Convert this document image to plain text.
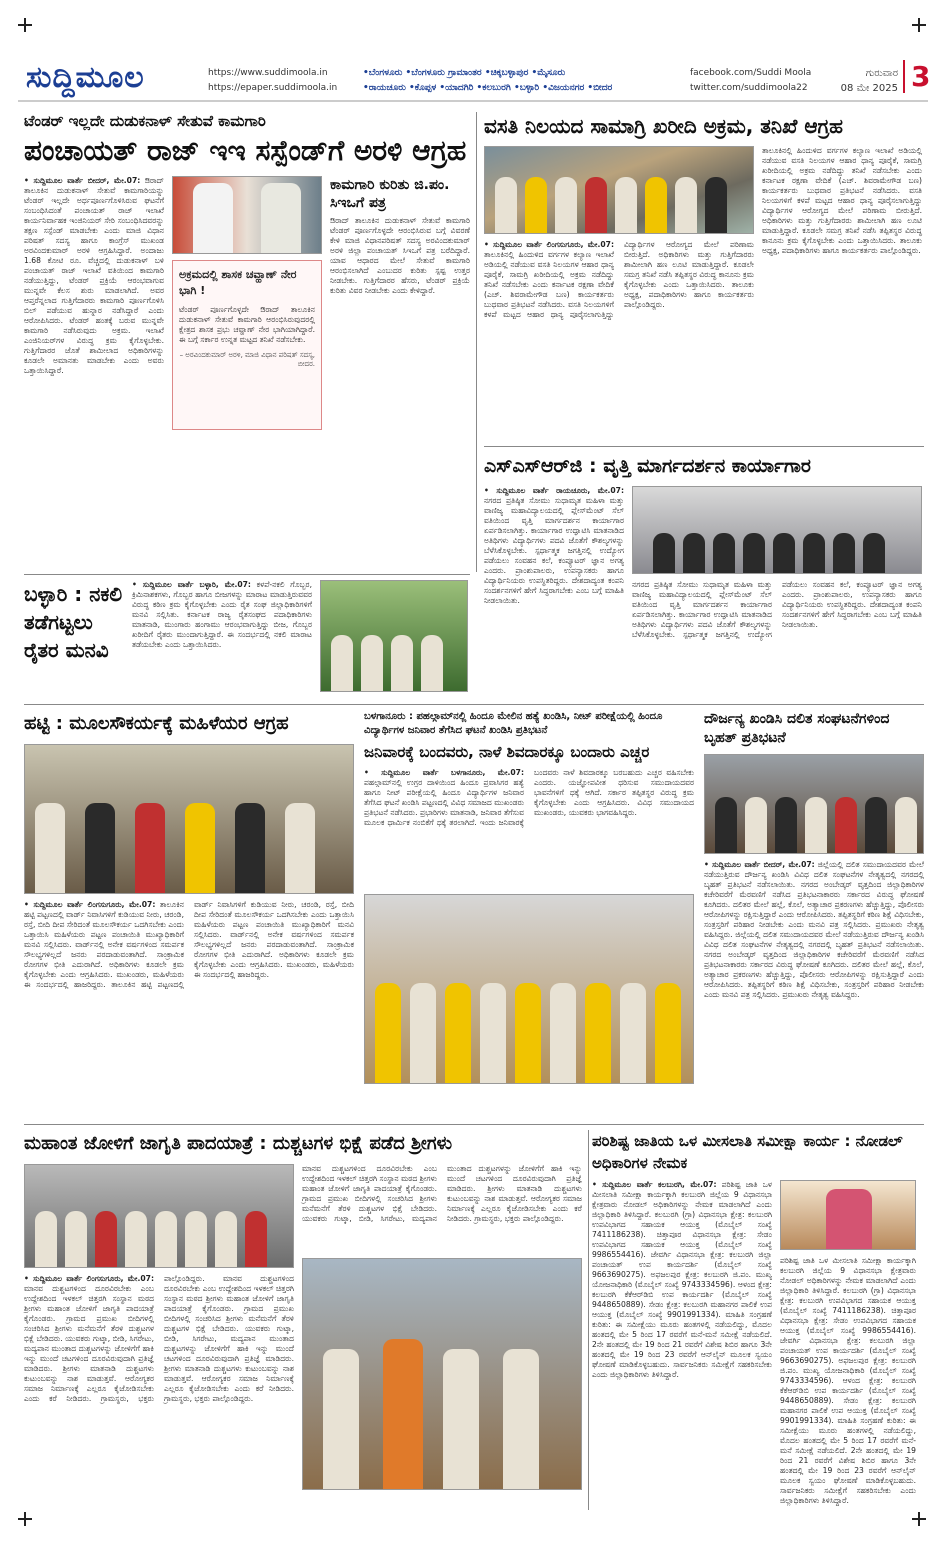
ಸುದ್ದಿಮೂಲ	https://www.suddimoola.in
https://epaper.suddimoola.in
•ಬೆಂಗಳೂರು •ಬೆಂಗಳೂರು ಗ್ರಾಮಾಂತರ •ಚಿಕ್ಕಬಳ್ಳಾಪುರ •ಮೈಸೂರು
•ರಾಯಚೂರು •ಕೊಪ್ಪಳ •ಯಾದಗಿರಿ •ಕಲಬುರಗಿ •ಬಳ್ಳಾರಿ •ವಿಜಯನಗರ •ಬೀದರ
facebook.com/Suddi Moola
twitter.com/suddimoola22
ಗುರುವಾರ
08 ಮೇ 2025 3
ಟೆಂಡರ್ ಇಲ್ಲದೇ ದುಡುಕನಾಳ್ ಸೇತುವೆ ಕಾಮಗಾರಿ
ಪಂಚಾಯತ್ ರಾಜ್ ಇಇ ಸಸ್ಪೆಂಡ್‌ಗೆ ಅರಳಿ ಆಗ್ರಹ
• ಸುದ್ದಿಮೂಲ ವಾರ್ತೆ ಬೀದರ್, ಮೇ.07: ಔರಾದ್ ತಾಲೂಕಿನ ದುಡುಕನಾಳ್ ಸೇತುವೆ ಕಾಮಗಾರಿಯನ್ನು ಟೆಂಡರ್ ಇಲ್ಲದೇ ಅರ್ಧಪೂರ್ಣಗೊಳಿಸಿರುವ ಘಟನೆಗೆ ಸಂಬಂಧಿಸಿದಂತೆ ಪಂಚಾಯತ್ ರಾಜ್ ಇಲಾಖೆ ಕಾರ್ಯನಿರ್ವಾಹಕ ಇಂಜಿನಿಯರ್ ಸೇರಿ ಸಂಬಂಧಿಸಿದವರನ್ನು ತಕ್ಷಣ ಸಸ್ಪೆಂಡ್ ಮಾಡಬೇಕು ಎಂದು ಮಾಜಿ ವಿಧಾನ ಪರಿಷತ್ ಸದಸ್ಯ ಹಾಗೂ ಕಾಂಗ್ರೆಸ್ ಮುಖಂಡ ಅರವಿಂದಕುಮಾರ್ ಅರಳಿ ಆಗ್ರಹಿಸಿದ್ದಾರೆ. ಅಂದಾಜು 1.68 ಕೋಟಿ ರೂ. ವೆಚ್ಚದಲ್ಲಿ ದುಡುಕನಾಳ್ ಬಳಿ ಪಂಚಾಯತ್ ರಾಜ್ ಇಲಾಖೆ ವತಿಯಿಂದ ಕಾಮಗಾರಿ ನಡೆಯುತ್ತಿದ್ದು, ಟೆಂಡರ್ ಪ್ರಕ್ರಿಯೆ ಆರಂಭವಾಗುವ ಮುನ್ನವೇ ಕೆಲಸ ಶುರು ಮಾಡಲಾಗಿದೆ. ಅವರ ಆಪ್ತರೆನ್ನಲಾದ ಗುತ್ತಿಗೆದಾರರು ಕಾಮಗಾರಿ ಪೂರ್ಣಗೊಳಿಸಿ ಬಿಲ್ ಪಡೆಯುವ ಹುನ್ನಾರ ನಡೆಸಿದ್ದಾರೆ ಎಂದು ಆರೋಪಿಸಿದರು. ಟೆಂಡರ್ ಹಂತಕ್ಕೆ ಬರುವ ಮುನ್ನವೇ ಕಾಮಗಾರಿ ನಡೆಸಿರುವುದು ಅಕ್ರಮ. ಇಲಾಖೆ ಎಂಜಿನಿಯರ್‌ಗಳ ವಿರುದ್ಧ ಕ್ರಮ ಕೈಗೊಳ್ಳಬೇಕು. ಗುತ್ತಿಗೆದಾರರ ಜೊತೆ ಶಾಮೀಲಾದ ಅಧಿಕಾರಿಗಳನ್ನು ಕೂಡಲೇ ಅಮಾನತು ಮಾಡಬೇಕು ಎಂದು ಅವರು ಒತ್ತಾಯಿಸಿದ್ದಾರೆ.
ಅಕ್ರಮದಲ್ಲಿ ಶಾಸಕ ಚವ್ಹಾಣ್ ನೇರ ಭಾಗಿ !
ಟೆಂಡರ್ ಪೂರ್ಣಗೊಳ್ಳದೇ ಔರಾದ್ ತಾಲೂಕಿನ ದುಡುಕನಾಳ್ ಸೇತುವೆ ಕಾಮಗಾರಿ ಆರಂಭಿಸಿರುವುದರಲ್ಲಿ ಕ್ಷೇತ್ರದ ಶಾಸಕ ಪ್ರಭು ಚವ್ಹಾಣ್ ನೇರ ಭಾಗಿಯಾಗಿದ್ದಾರೆ. ಈ ಬಗ್ಗೆ ಸರ್ಕಾರ ಉನ್ನತ ಮಟ್ಟದ ತನಿಖೆ ನಡೆಸಬೇಕು.
– ಅರವಿಂದಕುಮಾರ್ ಅರಳಿ, ಮಾಜಿ ವಿಧಾನ ಪರಿಷತ್ ಸದಸ್ಯ, ಬೀದರ.
ಕಾಮಗಾರಿ ಕುರಿತು ಜಿ.ಪಂ. ಸಿಇಒಗೆ ಪತ್ರ
ಔರಾದ್ ತಾಲೂಕಿನ ದುಡುಕನಾಳ್ ಸೇತುವೆ ಕಾಮಗಾರಿ ಟೆಂಡರ್ ಪೂರ್ಣಗೊಳ್ಳದೇ ಆರಂಭಿಸಿರುವ ಬಗ್ಗೆ ವಿವರಣೆ ಕೇಳಿ ಮಾಜಿ ವಿಧಾನಪರಿಷತ್ ಸದಸ್ಯ ಅರವಿಂದಕುಮಾರ್ ಅರಳಿ ಜಿಲ್ಲಾ ಪಂಚಾಯತ್ ಸಿಇಒಗೆ ಪತ್ರ ಬರೆದಿದ್ದಾರೆ. ಯಾವ ಆಧಾರದ ಮೇಲೆ ಸೇತುವೆ ಕಾಮಗಾರಿ ಆರಂಭಿಸಲಾಗಿದೆ ಎಂಬುದರ ಕುರಿತು ಸ್ಪಷ್ಟ ಉತ್ತರ ನೀಡಬೇಕು. ಗುತ್ತಿಗೆದಾರರ ಹೆಸರು, ಟೆಂಡರ್ ಪ್ರಕ್ರಿಯೆ ಕುರಿತು ವಿವರ ನೀಡಬೇಕು ಎಂದು ಕೇಳಿದ್ದಾರೆ.
ವಸತಿ ನಿಲಯದ ಸಾಮಾಗ್ರಿ ಖರೀದಿ ಅಕ್ರಮ, ತನಿಖೆ ಆಗ್ರಹ
• ಸುದ್ದಿಮೂಲ ವಾರ್ತೆ ಲಿಂಗಸುಗೂರು, ಮೇ.07: ತಾಲೂಕಿನಲ್ಲಿ ಹಿಂದುಳಿದ ವರ್ಗಗಳ ಕಲ್ಯಾಣ ಇಲಾಖೆ ಅಡಿಯಲ್ಲಿ ನಡೆಯುವ ವಸತಿ ನಿಲಯಗಳ ಆಹಾರ ಧಾನ್ಯ ಪೂರೈಕೆ, ಸಾಮಗ್ರಿ ಖರೀದಿಯಲ್ಲಿ ಅಕ್ರಮ ನಡೆದಿದ್ದು ತನಿಖೆ ನಡೆಸಬೇಕು ಎಂದು ಕರ್ನಾಟಕ ರಕ್ಷಣಾ ವೇದಿಕೆ (ಎಚ್. ಶಿವರಾಮೇಗೌಡ ಬಣ) ಕಾರ್ಯಕರ್ತರು ಬುಧವಾರ ಪ್ರತಿಭಟನೆ ನಡೆಸಿದರು. ವಸತಿ ನಿಲಯಗಳಿಗೆ ಕಳಪೆ ಮಟ್ಟದ ಆಹಾರ ಧಾನ್ಯ ಪೂರೈಸಲಾಗುತ್ತಿದ್ದು ವಿದ್ಯಾರ್ಥಿಗಳ ಆರೋಗ್ಯದ ಮೇಲೆ ಪರಿಣಾಮ ಬೀರುತ್ತಿದೆ. ಅಧಿಕಾರಿಗಳು ಮತ್ತು ಗುತ್ತಿಗೆದಾರರು ಶಾಮೀಲಾಗಿ ಹಣ ಲೂಟಿ ಮಾಡುತ್ತಿದ್ದಾರೆ. ಕೂಡಲೇ ಸಮಗ್ರ ತನಿಖೆ ನಡೆಸಿ ತಪ್ಪಿತಸ್ಥರ ವಿರುದ್ಧ ಕಾನೂನು ಕ್ರಮ ಕೈಗೊಳ್ಳಬೇಕು ಎಂದು ಒತ್ತಾಯಿಸಿದರು. ತಾಲೂಕು ಅಧ್ಯಕ್ಷ, ಪದಾಧಿಕಾರಿಗಳು ಹಾಗೂ ಕಾರ್ಯಕರ್ತರು ಪಾಲ್ಗೊಂಡಿದ್ದರು.
ತಾಲೂಕಿನಲ್ಲಿ ಹಿಂದುಳಿದ ವರ್ಗಗಳ ಕಲ್ಯಾಣ ಇಲಾಖೆ ಅಡಿಯಲ್ಲಿ ನಡೆಯುವ ವಸತಿ ನಿಲಯಗಳ ಆಹಾರ ಧಾನ್ಯ ಪೂರೈಕೆ, ಸಾಮಗ್ರಿ ಖರೀದಿಯಲ್ಲಿ ಅಕ್ರಮ ನಡೆದಿದ್ದು ತನಿಖೆ ನಡೆಸಬೇಕು ಎಂದು ಕರ್ನಾಟಕ ರಕ್ಷಣಾ ವೇದಿಕೆ (ಎಚ್. ಶಿವರಾಮೇಗೌಡ ಬಣ) ಕಾರ್ಯಕರ್ತರು ಬುಧವಾರ ಪ್ರತಿಭಟನೆ ನಡೆಸಿದರು. ವಸತಿ ನಿಲಯಗಳಿಗೆ ಕಳಪೆ ಮಟ್ಟದ ಆಹಾರ ಧಾನ್ಯ ಪೂರೈಸಲಾಗುತ್ತಿದ್ದು ವಿದ್ಯಾರ್ಥಿಗಳ ಆರೋಗ್ಯದ ಮೇಲೆ ಪರಿಣಾಮ ಬೀರುತ್ತಿದೆ. ಅಧಿಕಾರಿಗಳು ಮತ್ತು ಗುತ್ತಿಗೆದಾರರು ಶಾಮೀಲಾಗಿ ಹಣ ಲೂಟಿ ಮಾಡುತ್ತಿದ್ದಾರೆ. ಕೂಡಲೇ ಸಮಗ್ರ ತನಿಖೆ ನಡೆಸಿ ತಪ್ಪಿತಸ್ಥರ ವಿರುದ್ಧ ಕಾನೂನು ಕ್ರಮ ಕೈಗೊಳ್ಳಬೇಕು ಎಂದು ಒತ್ತಾಯಿಸಿದರು. ತಾಲೂಕು ಅಧ್ಯಕ್ಷ, ಪದಾಧಿಕಾರಿಗಳು ಹಾಗೂ ಕಾರ್ಯಕರ್ತರು ಪಾಲ್ಗೊಂಡಿದ್ದರು.
ಎಸ್‌ಎಸ್‌ಆರ್‌ಜಿ : ವೃತ್ತಿ ಮಾರ್ಗದರ್ಶನ ಕಾರ್ಯಾಗಾರ
• ಸುದ್ದಿಮೂಲ ವಾರ್ತೆ ರಾಯಚೂರು, ಮೇ.07: ನಗರದ ಪ್ರತಿಷ್ಠಿತ ಸೋಮು ಸುಧಾಮೃತ ಮಹಿಳಾ ಮತ್ತು ವಾಣಿಜ್ಯ ಮಹಾವಿದ್ಯಾಲಯದಲ್ಲಿ ಪ್ಲೇಸ್‌ಮೆಂಟ್ ಸೆಲ್ ವತಿಯಿಂದ ವೃತ್ತಿ ಮಾರ್ಗದರ್ಶನ ಕಾರ್ಯಾಗಾರ ಏರ್ಪಡಿಸಲಾಗಿತ್ತು. ಕಾರ್ಯಾಗಾರ ಉದ್ಘಾಟಿಸಿ ಮಾತನಾಡಿದ ಅತಿಥಿಗಳು ವಿದ್ಯಾರ್ಥಿಗಳು ಪದವಿ ಜೊತೆಗೆ ಕೌಶಲ್ಯಗಳನ್ನು ಬೆಳೆಸಿಕೊಳ್ಳಬೇಕು. ಸ್ಪರ್ಧಾತ್ಮಕ ಜಗತ್ತಿನಲ್ಲಿ ಉದ್ಯೋಗ ಪಡೆಯಲು ಸಂವಹನ ಕಲೆ, ಕಂಪ್ಯೂಟರ್ ಜ್ಞಾನ ಅಗತ್ಯ ಎಂದರು. ಪ್ರಾಂಶುಪಾಲರು, ಉಪನ್ಯಾಸಕರು ಹಾಗೂ ವಿದ್ಯಾರ್ಥಿನಿಯರು ಉಪಸ್ಥಿತರಿದ್ದರು. ದೇಶದಾದ್ಯಂತ ಕಂಪನಿ ಸಂದರ್ಶನಗಳಿಗೆ ಹೇಗೆ ಸಿದ್ಧರಾಗಬೇಕು ಎಂಬ ಬಗ್ಗೆ ಮಾಹಿತಿ ನೀಡಲಾಯಿತು.
ನಗರದ ಪ್ರತಿಷ್ಠಿತ ಸೋಮು ಸುಧಾಮೃತ ಮಹಿಳಾ ಮತ್ತು ವಾಣಿಜ್ಯ ಮಹಾವಿದ್ಯಾಲಯದಲ್ಲಿ ಪ್ಲೇಸ್‌ಮೆಂಟ್ ಸೆಲ್ ವತಿಯಿಂದ ವೃತ್ತಿ ಮಾರ್ಗದರ್ಶನ ಕಾರ್ಯಾಗಾರ ಏರ್ಪಡಿಸಲಾಗಿತ್ತು. ಕಾರ್ಯಾಗಾರ ಉದ್ಘಾಟಿಸಿ ಮಾತನಾಡಿದ ಅತಿಥಿಗಳು ವಿದ್ಯಾರ್ಥಿಗಳು ಪದವಿ ಜೊತೆಗೆ ಕೌಶಲ್ಯಗಳನ್ನು ಬೆಳೆಸಿಕೊಳ್ಳಬೇಕು. ಸ್ಪರ್ಧಾತ್ಮಕ ಜಗತ್ತಿನಲ್ಲಿ ಉದ್ಯೋಗ ಪಡೆಯಲು ಸಂವಹನ ಕಲೆ, ಕಂಪ್ಯೂಟರ್ ಜ್ಞಾನ ಅಗತ್ಯ ಎಂದರು. ಪ್ರಾಂಶುಪಾಲರು, ಉಪನ್ಯಾಸಕರು ಹಾಗೂ ವಿದ್ಯಾರ್ಥಿನಿಯರು ಉಪಸ್ಥಿತರಿದ್ದರು. ದೇಶದಾದ್ಯಂತ ಕಂಪನಿ ಸಂದರ್ಶನಗಳಿಗೆ ಹೇಗೆ ಸಿದ್ಧರಾಗಬೇಕು ಎಂಬ ಬಗ್ಗೆ ಮಾಹಿತಿ ನೀಡಲಾಯಿತು.
ಬಳ್ಳಾರಿ : ನಕಲಿ ತಡೆಗಟ್ಟಲು ರೈತರ ಮನವಿ
• ಸುದ್ದಿಮೂಲ ವಾರ್ತೆ ಬಳ್ಳಾರಿ, ಮೇ.07: ಕಳಪೆ-ನಕಲಿ ಗೊಬ್ಬರ, ಕ್ರಿಮಿನಾಶಕಗಳು, ಗೊಬ್ಬರ ಹಾಗೂ ಬೀಜಗಳನ್ನು ಮಾರಾಟ ಮಾಡುತ್ತಿರುವವರ ವಿರುದ್ಧ ಕಠಿಣ ಕ್ರಮ ಕೈಗೊಳ್ಳಬೇಕು ಎಂದು ರೈತ ಸಂಘ ಜಿಲ್ಲಾಧಿಕಾರಿಗಳಿಗೆ ಮನವಿ ಸಲ್ಲಿಸಿತು. ಕರ್ನಾಟಕ ರಾಜ್ಯ ರೈತಸಂಘದ ಪದಾಧಿಕಾರಿಗಳು ಮಾತನಾಡಿ, ಮುಂಗಾರು ಹಂಗಾಮು ಆರಂಭವಾಗುತ್ತಿದ್ದು ಬೀಜ, ಗೊಬ್ಬರ ಖರೀದಿಗೆ ರೈತರು ಮುಂದಾಗುತ್ತಿದ್ದಾರೆ. ಈ ಸಂದರ್ಭದಲ್ಲಿ ನಕಲಿ ಮಾರಾಟ ತಡೆಯಬೇಕು ಎಂದು ಒತ್ತಾಯಿಸಿದರು.
ಹಟ್ಟಿ : ಮೂಲಸೌಕರ್ಯಕ್ಕೆ ಮಹಿಳೆಯರ ಆಗ್ರಹ
• ಸುದ್ದಿಮೂಲ ವಾರ್ತೆ ಲಿಂಗಸುಗೂರು, ಮೇ.07: ತಾಲೂಕಿನ ಹಟ್ಟಿ ಪಟ್ಟಣದಲ್ಲಿ ವಾರ್ಡ್ ನಿವಾಸಿಗಳಿಗೆ ಕುಡಿಯುವ ನೀರು, ಚರಂಡಿ, ರಸ್ತೆ, ಬೀದಿ ದೀಪ ಸೇರಿದಂತೆ ಮೂಲಸೌಕರ್ಯ ಒದಗಿಸಬೇಕು ಎಂದು ಒತ್ತಾಯಿಸಿ ಮಹಿಳೆಯರು ಪಟ್ಟಣ ಪಂಚಾಯಿತಿ ಮುಖ್ಯಾಧಿಕಾರಿಗೆ ಮನವಿ ಸಲ್ಲಿಸಿದರು. ವಾರ್ಡ್‌ನಲ್ಲಿ ಅನೇಕ ವರ್ಷಗಳಿಂದ ಸಮರ್ಪಕ ಸೌಲಭ್ಯಗಳಿಲ್ಲದೆ ಜನರು ಪರದಾಡುವಂತಾಗಿದೆ. ಸಾಂಕ್ರಾಮಿಕ ರೋಗಗಳ ಭೀತಿ ಎದುರಾಗಿದೆ. ಅಧಿಕಾರಿಗಳು ಕೂಡಲೇ ಕ್ರಮ ಕೈಗೊಳ್ಳಬೇಕು ಎಂದು ಆಗ್ರಹಿಸಿದರು. ಮುಖಂಡರು, ಮಹಿಳೆಯರು ಈ ಸಂದರ್ಭದಲ್ಲಿ ಹಾಜರಿದ್ದರು. ತಾಲೂಕಿನ ಹಟ್ಟಿ ಪಟ್ಟಣದಲ್ಲಿ ವಾರ್ಡ್ ನಿವಾಸಿಗಳಿಗೆ ಕುಡಿಯುವ ನೀರು, ಚರಂಡಿ, ರಸ್ತೆ, ಬೀದಿ ದೀಪ ಸೇರಿದಂತೆ ಮೂಲಸೌಕರ್ಯ ಒದಗಿಸಬೇಕು ಎಂದು ಒತ್ತಾಯಿಸಿ ಮಹಿಳೆಯರು ಪಟ್ಟಣ ಪಂಚಾಯಿತಿ ಮುಖ್ಯಾಧಿಕಾರಿಗೆ ಮನವಿ ಸಲ್ಲಿಸಿದರು. ವಾರ್ಡ್‌ನಲ್ಲಿ ಅನೇಕ ವರ್ಷಗಳಿಂದ ಸಮರ್ಪಕ ಸೌಲಭ್ಯಗಳಿಲ್ಲದೆ ಜನರು ಪರದಾಡುವಂತಾಗಿದೆ. ಸಾಂಕ್ರಾಮಿಕ ರೋಗಗಳ ಭೀತಿ ಎದುರಾಗಿದೆ. ಅಧಿಕಾರಿಗಳು ಕೂಡಲೇ ಕ್ರಮ ಕೈಗೊಳ್ಳಬೇಕು ಎಂದು ಆಗ್ರಹಿಸಿದರು. ಮುಖಂಡರು, ಮಹಿಳೆಯರು ಈ ಸಂದರ್ಭದಲ್ಲಿ ಹಾಜರಿದ್ದರು.
ಬಳಗಾನೂರು : ಪಹಲ್ಗಾಮ್‌ನಲ್ಲಿ ಹಿಂದೂ ಮೇಲಿನ ಹತ್ಯೆ ಖಂಡಿಸಿ, ನೀಟ್ ಪರೀಕ್ಷೆಯಲ್ಲಿ ಹಿಂದೂ ವಿದ್ಯಾರ್ಥಿಗಳ ಜನಿವಾರ ತೆಗೆಸಿದ ಘಟನೆ ಖಂಡಿಸಿ ಪ್ರತಿಭಟನೆ
ಜನಿವಾರಕ್ಕೆ ಬಂದವರು, ನಾಳೆ ಶಿವದಾರಕ್ಕೂ ಬಂದಾರು ಎಚ್ಚರ
• ಸುದ್ದಿಮೂಲ ವಾರ್ತೆ ಬಳಗಾನೂರು, ಮೇ.07: ಪಹಲ್ಗಾಮ್‌ನಲ್ಲಿ ಉಗ್ರರ ದಾಳಿಯಿಂದ ಹಿಂದೂ ಪ್ರವಾಸಿಗರ ಹತ್ಯೆ ಹಾಗೂ ನೀಟ್ ಪರೀಕ್ಷೆಯಲ್ಲಿ ಹಿಂದೂ ವಿದ್ಯಾರ್ಥಿಗಳ ಜನಿವಾರ ತೆಗೆಸಿದ ಘಟನೆ ಖಂಡಿಸಿ ಪಟ್ಟಣದಲ್ಲಿ ವಿವಿಧ ಸಮಾಜದ ಮುಖಂಡರು ಪ್ರತಿಭಟನೆ ನಡೆಸಿದರು. ಪ್ರಭಾರಿಗಳು ಮಾತನಾಡಿ, ಜನಿವಾರ ತೆಗೆಸುವ ಮೂಲಕ ಧಾರ್ಮಿಕ ನಂಬಿಕೆಗೆ ಧಕ್ಕೆ ತರಲಾಗಿದೆ. ಇಂದು ಜನಿವಾರಕ್ಕೆ ಬಂದವರು ನಾಳೆ ಶಿವದಾರಕ್ಕೂ ಬರಬಹುದು ಎಚ್ಚರ ವಹಿಸಬೇಕು ಎಂದರು. ಯಜ್ಞೋಪವೀತ ಧರಿಸುವ ಸಮುದಾಯದವರ ಭಾವನೆಗಳಿಗೆ ಧಕ್ಕೆ ಆಗಿದೆ. ಸರ್ಕಾರ ತಪ್ಪಿತಸ್ಥರ ವಿರುದ್ಧ ಕ್ರಮ ಕೈಗೊಳ್ಳಬೇಕು ಎಂದು ಆಗ್ರಹಿಸಿದರು. ವಿವಿಧ ಸಮುದಾಯದ ಮುಖಂಡರು, ಯುವಕರು ಭಾಗವಹಿಸಿದ್ದರು.
ದೌರ್ಜನ್ಯ ಖಂಡಿಸಿ ದಲಿತ ಸಂಘಟನೆಗಳಿಂದ ಬೃಹತ್ ಪ್ರತಿಭಟನೆ
• ಸುದ್ದಿಮೂಲ ವಾರ್ತೆ ಬೀದರ್, ಮೇ.07: ಜಿಲ್ಲೆಯಲ್ಲಿ ದಲಿತ ಸಮುದಾಯದವರ ಮೇಲೆ ನಡೆಯುತ್ತಿರುವ ದೌರ್ಜನ್ಯ ಖಂಡಿಸಿ ವಿವಿಧ ದಲಿತ ಸಂಘಟನೆಗಳ ನೇತೃತ್ವದಲ್ಲಿ ನಗರದಲ್ಲಿ ಬೃಹತ್ ಪ್ರತಿಭಟನೆ ನಡೆಸಲಾಯಿತು. ನಗರದ ಅಂಬೇಡ್ಕರ್ ವೃತ್ತದಿಂದ ಜಿಲ್ಲಾಧಿಕಾರಿಗಳ ಕಚೇರಿವರೆಗೆ ಮೆರವಣಿಗೆ ನಡೆಸಿದ ಪ್ರತಿಭಟನಾಕಾರರು ಸರ್ಕಾರದ ವಿರುದ್ಧ ಘೋಷಣೆ ಕೂಗಿದರು. ದಲಿತರ ಮೇಲೆ ಹಲ್ಲೆ, ಕೊಲೆ, ಅತ್ಯಾಚಾರ ಪ್ರಕರಣಗಳು ಹೆಚ್ಚುತ್ತಿದ್ದು, ಪೊಲೀಸರು ಆರೋಪಿಗಳನ್ನು ರಕ್ಷಿಸುತ್ತಿದ್ದಾರೆ ಎಂದು ಆರೋಪಿಸಿದರು. ತಪ್ಪಿತಸ್ಥರಿಗೆ ಕಠಿಣ ಶಿಕ್ಷೆ ವಿಧಿಸಬೇಕು, ಸಂತ್ರಸ್ತರಿಗೆ ಪರಿಹಾರ ನೀಡಬೇಕು ಎಂದು ಮನವಿ ಪತ್ರ ಸಲ್ಲಿಸಿದರು. ಪ್ರಮುಖರು ನೇತೃತ್ವ ವಹಿಸಿದ್ದರು. ಜಿಲ್ಲೆಯಲ್ಲಿ ದಲಿತ ಸಮುದಾಯದವರ ಮೇಲೆ ನಡೆಯುತ್ತಿರುವ ದೌರ್ಜನ್ಯ ಖಂಡಿಸಿ ವಿವಿಧ ದಲಿತ ಸಂಘಟನೆಗಳ ನೇತೃತ್ವದಲ್ಲಿ ನಗರದಲ್ಲಿ ಬೃಹತ್ ಪ್ರತಿಭಟನೆ ನಡೆಸಲಾಯಿತು. ನಗರದ ಅಂಬೇಡ್ಕರ್ ವೃತ್ತದಿಂದ ಜಿಲ್ಲಾಧಿಕಾರಿಗಳ ಕಚೇರಿವರೆಗೆ ಮೆರವಣಿಗೆ ನಡೆಸಿದ ಪ್ರತಿಭಟನಾಕಾರರು ಸರ್ಕಾರದ ವಿರುದ್ಧ ಘೋಷಣೆ ಕೂಗಿದರು. ದಲಿತರ ಮೇಲೆ ಹಲ್ಲೆ, ಕೊಲೆ, ಅತ್ಯಾಚಾರ ಪ್ರಕರಣಗಳು ಹೆಚ್ಚುತ್ತಿದ್ದು, ಪೊಲೀಸರು ಆರೋಪಿಗಳನ್ನು ರಕ್ಷಿಸುತ್ತಿದ್ದಾರೆ ಎಂದು ಆರೋಪಿಸಿದರು. ತಪ್ಪಿತಸ್ಥರಿಗೆ ಕಠಿಣ ಶಿಕ್ಷೆ ವಿಧಿಸಬೇಕು, ಸಂತ್ರಸ್ತರಿಗೆ ಪರಿಹಾರ ನೀಡಬೇಕು ಎಂದು ಮನವಿ ಪತ್ರ ಸಲ್ಲಿಸಿದರು. ಪ್ರಮುಖರು ನೇತೃತ್ವ ವಹಿಸಿದ್ದರು.
ಮಹಾಂತ ಜೋಳಿಗೆ ಜಾಗೃತಿ ಪಾದಯಾತ್ರೆ : ದುಶ್ಚಟಗಳ ಭಿಕ್ಷೆ ಪಡೆದ ಶ್ರೀಗಳು
• ಸುದ್ದಿಮೂಲ ವಾರ್ತೆ ಲಿಂಗಸುಗೂರು, ಮೇ.07: ಮಾನವ ದುಶ್ಚಟಗಳಿಂದ ದೂರವಿರಬೇಕು ಎಂಬ ಉದ್ದೇಶದಿಂದ ಇಳಕಲ್ ಚಿತ್ತರಗಿ ಸಂಸ್ಥಾನ ಮಠದ ಶ್ರೀಗಳು ಮಹಾಂತ ಜೋಳಿಗೆ ಜಾಗೃತಿ ಪಾದಯಾತ್ರೆ ಕೈಗೊಂಡರು. ಗ್ರಾಮದ ಪ್ರಮುಖ ಬೀದಿಗಳಲ್ಲಿ ಸಂಚರಿಸಿದ ಶ್ರೀಗಳು ಮನೆಮನೆಗೆ ತೆರಳಿ ದುಶ್ಚಟಗಳ ಭಿಕ್ಷೆ ಬೇಡಿದರು. ಯುವಕರು ಗುಟ್ಕಾ, ಬೀಡಿ, ಸಿಗರೇಟು, ಮದ್ಯಪಾನ ಮುಂತಾದ ದುಶ್ಚಟಗಳನ್ನು ಜೋಳಿಗೆಗೆ ಹಾಕಿ ಇನ್ನು ಮುಂದೆ ಚಟಗಳಿಂದ ದೂರವಿರುವುದಾಗಿ ಪ್ರತಿಜ್ಞೆ ಮಾಡಿದರು. ಶ್ರೀಗಳು ಮಾತನಾಡಿ ದುಶ್ಚಟಗಳು ಕುಟುಂಬವನ್ನು ನಾಶ ಮಾಡುತ್ತವೆ. ಆರೋಗ್ಯಕರ ಸಮಾಜ ನಿರ್ಮಾಣಕ್ಕೆ ಎಲ್ಲರೂ ಕೈಜೋಡಿಸಬೇಕು ಎಂದು ಕರೆ ನೀಡಿದರು. ಗ್ರಾಮಸ್ಥರು, ಭಕ್ತರು ಪಾಲ್ಗೊಂಡಿದ್ದರು. ಮಾನವ ದುಶ್ಚಟಗಳಿಂದ ದೂರವಿರಬೇಕು ಎಂಬ ಉದ್ದೇಶದಿಂದ ಇಳಕಲ್ ಚಿತ್ತರಗಿ ಸಂಸ್ಥಾನ ಮಠದ ಶ್ರೀಗಳು ಮಹಾಂತ ಜೋಳಿಗೆ ಜಾಗೃತಿ ಪಾದಯಾತ್ರೆ ಕೈಗೊಂಡರು. ಗ್ರಾಮದ ಪ್ರಮುಖ ಬೀದಿಗಳಲ್ಲಿ ಸಂಚರಿಸಿದ ಶ್ರೀಗಳು ಮನೆಮನೆಗೆ ತೆರಳಿ ದುಶ್ಚಟಗಳ ಭಿಕ್ಷೆ ಬೇಡಿದರು. ಯುವಕರು ಗುಟ್ಕಾ, ಬೀಡಿ, ಸಿಗರೇಟು, ಮದ್ಯಪಾನ ಮುಂತಾದ ದುಶ್ಚಟಗಳನ್ನು ಜೋಳಿಗೆಗೆ ಹಾಕಿ ಇನ್ನು ಮುಂದೆ ಚಟಗಳಿಂದ ದೂರವಿರುವುದಾಗಿ ಪ್ರತಿಜ್ಞೆ ಮಾಡಿದರು. ಶ್ರೀಗಳು ಮಾತನಾಡಿ ದುಶ್ಚಟಗಳು ಕುಟುಂಬವನ್ನು ನಾಶ ಮಾಡುತ್ತವೆ. ಆರೋಗ್ಯಕರ ಸಮಾಜ ನಿರ್ಮಾಣಕ್ಕೆ ಎಲ್ಲರೂ ಕೈಜೋಡಿಸಬೇಕು ಎಂದು ಕರೆ ನೀಡಿದರು. ಗ್ರಾಮಸ್ಥರು, ಭಕ್ತರು ಪಾಲ್ಗೊಂಡಿದ್ದರು.
ಮಾನವ ದುಶ್ಚಟಗಳಿಂದ ದೂರವಿರಬೇಕು ಎಂಬ ಉದ್ದೇಶದಿಂದ ಇಳಕಲ್ ಚಿತ್ತರಗಿ ಸಂಸ್ಥಾನ ಮಠದ ಶ್ರೀಗಳು ಮಹಾಂತ ಜೋಳಿಗೆ ಜಾಗೃತಿ ಪಾದಯಾತ್ರೆ ಕೈಗೊಂಡರು. ಗ್ರಾಮದ ಪ್ರಮುಖ ಬೀದಿಗಳಲ್ಲಿ ಸಂಚರಿಸಿದ ಶ್ರೀಗಳು ಮನೆಮನೆಗೆ ತೆರಳಿ ದುಶ್ಚಟಗಳ ಭಿಕ್ಷೆ ಬೇಡಿದರು. ಯುವಕರು ಗುಟ್ಕಾ, ಬೀಡಿ, ಸಿಗರೇಟು, ಮದ್ಯಪಾನ ಮುಂತಾದ ದುಶ್ಚಟಗಳನ್ನು ಜೋಳಿಗೆಗೆ ಹಾಕಿ ಇನ್ನು ಮುಂದೆ ಚಟಗಳಿಂದ ದೂರವಿರುವುದಾಗಿ ಪ್ರತಿಜ್ಞೆ ಮಾಡಿದರು. ಶ್ರೀಗಳು ಮಾತನಾಡಿ ದುಶ್ಚಟಗಳು ಕುಟುಂಬವನ್ನು ನಾಶ ಮಾಡುತ್ತವೆ. ಆರೋಗ್ಯಕರ ಸಮಾಜ ನಿರ್ಮಾಣಕ್ಕೆ ಎಲ್ಲರೂ ಕೈಜೋಡಿಸಬೇಕು ಎಂದು ಕರೆ ನೀಡಿದರು. ಗ್ರಾಮಸ್ಥರು, ಭಕ್ತರು ಪಾಲ್ಗೊಂಡಿದ್ದರು.
ಪರಿಶಿಷ್ಟ ಜಾತಿಯ ಒಳ ಮೀಸಲಾತಿ ಸಮೀಕ್ಷಾ ಕಾರ್ಯ : ನೋಡಲ್ ಅಧಿಕಾರಿಗಳ ನೇಮಕ
• ಸುದ್ದಿಮೂಲ ವಾರ್ತೆ ಕಲಬುರಗಿ, ಮೇ.07: ಪರಿಶಿಷ್ಟ ಜಾತಿ ಒಳ ಮೀಸಲಾತಿ ಸಮೀಕ್ಷಾ ಕಾರ್ಯಕ್ಕಾಗಿ ಕಲಬುರಗಿ ಜಿಲ್ಲೆಯ 9 ವಿಧಾನಸಭಾ ಕ್ಷೇತ್ರವಾರು ನೋಡಲ್ ಅಧಿಕಾರಿಗಳನ್ನು ನೇಮಕ ಮಾಡಲಾಗಿದೆ ಎಂದು ಜಿಲ್ಲಾಧಿಕಾರಿ ತಿಳಿಸಿದ್ದಾರೆ. ಕಲಬುರಗಿ (ಗ್ರಾ) ವಿಧಾನಸಭಾ ಕ್ಷೇತ್ರ: ಕಲಬುರಗಿ ಉಪವಿಭಾಗದ ಸಹಾಯಕ ಆಯುಕ್ತ (ಮೊಬೈಲ್ ಸಂಖ್ಯೆ 7411186238). ಚಿತ್ತಾಪೂರ ವಿಧಾನಸಭಾ ಕ್ಷೇತ್ರ: ಸೇಡಂ ಉಪವಿಭಾಗದ ಸಹಾಯಕ ಆಯುಕ್ತ (ಮೊಬೈಲ್ ಸಂಖ್ಯೆ 9986554416). ಜೇವರ್ಗಿ ವಿಧಾನಸಭಾ ಕ್ಷೇತ್ರ: ಕಲಬುರಗಿ ಜಿಲ್ಲಾ ಪಂಚಾಯತ್ ಉಪ ಕಾರ್ಯದರ್ಶಿ (ಮೊಬೈಲ್ ಸಂಖ್ಯೆ 9663690275). ಅಫಜಲಪುರ ಕ್ಷೇತ್ರ: ಕಲಬುರಗಿ ಜಿ.ಪಂ. ಮುಖ್ಯ ಯೋಜನಾಧಿಕಾರಿ (ಮೊಬೈಲ್ ಸಂಖ್ಯೆ 9743334596). ಆಳಂದ ಕ್ಷೇತ್ರ: ಕಲಬುರಗಿ ಕೆಕೆಆರ್‌ಡಿಬಿ ಉಪ ಕಾರ್ಯದರ್ಶಿ (ಮೊಬೈಲ್ ಸಂಖ್ಯೆ 9448650889). ಸೇಡಂ ಕ್ಷೇತ್ರ: ಕಲಬುರಗಿ ಮಹಾನಗರ ಪಾಲಿಕೆ ಉಪ ಆಯುಕ್ತ (ಮೊಬೈಲ್ ಸಂಖ್ಯೆ 9901991334). ಮಾಹಿತಿ ಸಂಗ್ರಹಣೆ ಕುರಿತು: ಈ ಸಮೀಕ್ಷೆಯು ಮೂರು ಹಂತಗಳಲ್ಲಿ ನಡೆಯಲಿದ್ದು, ಮೊದಲ ಹಂತದಲ್ಲಿ ಮೇ 5 ರಿಂದ 17 ರವರೆಗೆ ಮನೆ-ಮನೆ ಸಮೀಕ್ಷೆ ನಡೆಯಲಿದೆ. 2ನೇ ಹಂತದಲ್ಲಿ ಮೇ 19 ರಿಂದ 21 ರವರೆಗೆ ವಿಶೇಷ ಶಿಬಿರ ಹಾಗೂ 3ನೇ ಹಂತದಲ್ಲಿ ಮೇ 19 ರಿಂದ 23 ರವರೆಗೆ ಆನ್‌ಲೈನ್ ಮೂಲಕ ಸ್ವಯಂ ಘೋಷಣೆ ಮಾಡಿಕೊಳ್ಳಬಹುದು. ಸಾರ್ವಜನಿಕರು ಸಮೀಕ್ಷೆಗೆ ಸಹಕರಿಸಬೇಕು ಎಂದು ಜಿಲ್ಲಾಧಿಕಾರಿಗಳು ತಿಳಿಸಿದ್ದಾರೆ.
ಪರಿಶಿಷ್ಟ ಜಾತಿ ಒಳ ಮೀಸಲಾತಿ ಸಮೀಕ್ಷಾ ಕಾರ್ಯಕ್ಕಾಗಿ ಕಲಬುರಗಿ ಜಿಲ್ಲೆಯ 9 ವಿಧಾನಸಭಾ ಕ್ಷೇತ್ರವಾರು ನೋಡಲ್ ಅಧಿಕಾರಿಗಳನ್ನು ನೇಮಕ ಮಾಡಲಾಗಿದೆ ಎಂದು ಜಿಲ್ಲಾಧಿಕಾರಿ ತಿಳಿಸಿದ್ದಾರೆ. ಕಲಬುರಗಿ (ಗ್ರಾ) ವಿಧಾನಸಭಾ ಕ್ಷೇತ್ರ: ಕಲಬುರಗಿ ಉಪವಿಭಾಗದ ಸಹಾಯಕ ಆಯುಕ್ತ (ಮೊಬೈಲ್ ಸಂಖ್ಯೆ 7411186238). ಚಿತ್ತಾಪೂರ ವಿಧಾನಸಭಾ ಕ್ಷೇತ್ರ: ಸೇಡಂ ಉಪವಿಭಾಗದ ಸಹಾಯಕ ಆಯುಕ್ತ (ಮೊಬೈಲ್ ಸಂಖ್ಯೆ 9986554416). ಜೇವರ್ಗಿ ವಿಧಾನಸಭಾ ಕ್ಷೇತ್ರ: ಕಲಬುರಗಿ ಜಿಲ್ಲಾ ಪಂಚಾಯತ್ ಉಪ ಕಾರ್ಯದರ್ಶಿ (ಮೊಬೈಲ್ ಸಂಖ್ಯೆ 9663690275). ಅಫಜಲಪುರ ಕ್ಷೇತ್ರ: ಕಲಬುರಗಿ ಜಿ.ಪಂ. ಮುಖ್ಯ ಯೋಜನಾಧಿಕಾರಿ (ಮೊಬೈಲ್ ಸಂಖ್ಯೆ 9743334596). ಆಳಂದ ಕ್ಷೇತ್ರ: ಕಲಬುರಗಿ ಕೆಕೆಆರ್‌ಡಿಬಿ ಉಪ ಕಾರ್ಯದರ್ಶಿ (ಮೊಬೈಲ್ ಸಂಖ್ಯೆ 9448650889). ಸೇಡಂ ಕ್ಷೇತ್ರ: ಕಲಬುರಗಿ ಮಹಾನಗರ ಪಾಲಿಕೆ ಉಪ ಆಯುಕ್ತ (ಮೊಬೈಲ್ ಸಂಖ್ಯೆ 9901991334). ಮಾಹಿತಿ ಸಂಗ್ರಹಣೆ ಕುರಿತು: ಈ ಸಮೀಕ್ಷೆಯು ಮೂರು ಹಂತಗಳಲ್ಲಿ ನಡೆಯಲಿದ್ದು, ಮೊದಲ ಹಂತದಲ್ಲಿ ಮೇ 5 ರಿಂದ 17 ರವರೆಗೆ ಮನೆ-ಮನೆ ಸಮೀಕ್ಷೆ ನಡೆಯಲಿದೆ. 2ನೇ ಹಂತದಲ್ಲಿ ಮೇ 19 ರಿಂದ 21 ರವರೆಗೆ ವಿಶೇಷ ಶಿಬಿರ ಹಾಗೂ 3ನೇ ಹಂತದಲ್ಲಿ ಮೇ 19 ರಿಂದ 23 ರವರೆಗೆ ಆನ್‌ಲೈನ್ ಮೂಲಕ ಸ್ವಯಂ ಘೋಷಣೆ ಮಾಡಿಕೊಳ್ಳಬಹುದು. ಸಾರ್ವಜನಿಕರು ಸಮೀಕ್ಷೆಗೆ ಸಹಕರಿಸಬೇಕು ಎಂದು ಜಿಲ್ಲಾಧಿಕಾರಿಗಳು ತಿಳಿಸಿದ್ದಾರೆ.
